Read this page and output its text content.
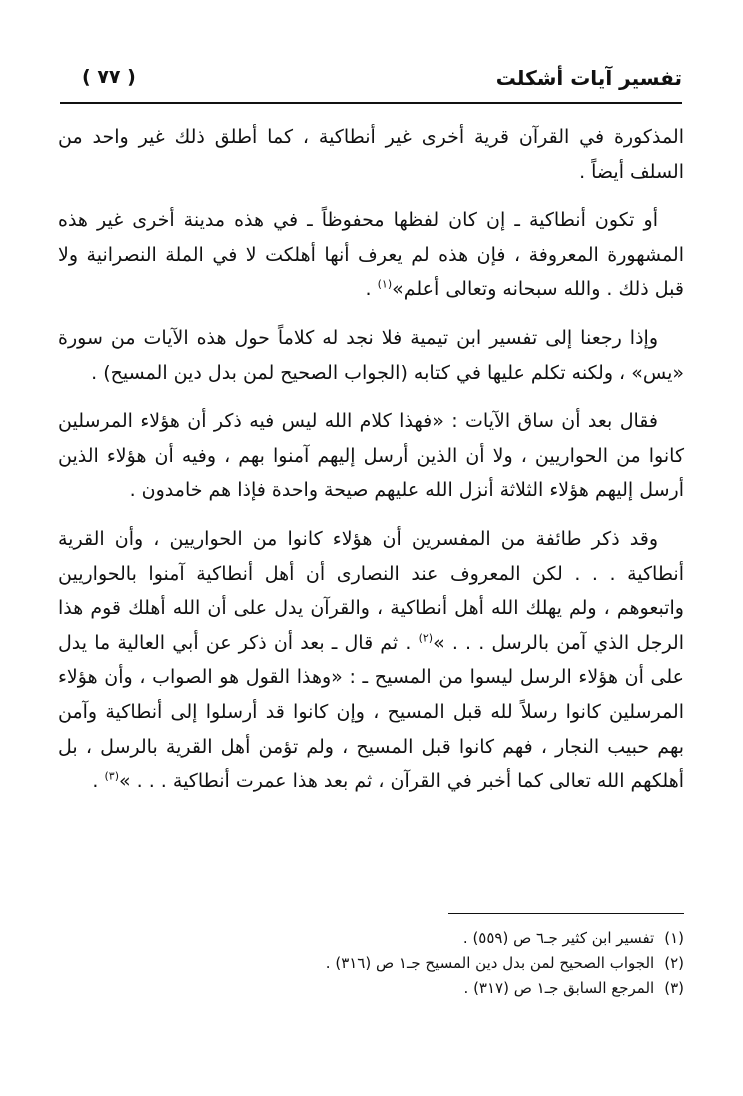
تفسير آيات أشكلت
( ٧٧ )

المذكورة في القرآن قرية أخرى غير أنطاكية ، كما أطلق ذلك غير واحد من السلف أيضاً .

أو تكون أنطاكية ـ إن كان لفظها محفوظاً ـ في هذه مدينة أخرى غير هذه المشهورة المعروفة ، فإن هذه لم يعرف أنها أهلكت لا في الملة النصرانية ولا قبل ذلك . والله سبحانه وتعالى أعلم»$^{(١)}$ .

وإذا رجعنا إلى تفسير ابن تيمية فلا نجد له كلاماً حول هذه الآيات من سورة «يس» ، ولكنه تكلم عليها في كتابه (الجواب الصحيح لمن بدل دين المسيح) .

فقال بعد أن ساق الآيات : «فهذا كلام الله ليس فيه ذكر أن هؤلاء المرسلين كانوا من الحواريين ، ولا أن الذين أرسل إليهم آمنوا بهم ، وفيه أن هؤلاء الذين أرسل إليهم هؤلاء الثلاثة أنزل الله عليهم صيحة واحدة فإذا هم خامدون .

وقد ذكر طائفة من المفسرين أن هؤلاء كانوا من الحواريين ، وأن القرية أنطاكية . . . لكن المعروف عند النصارى أن أهل أنطاكية آمنوا بالحواريين واتبعوهم ، ولم يهلك الله أهل أنطاكية ، والقرآن يدل على أن الله أهلك قوم هذا الرجل الذي آمن بالرسل . . . »$^{(٢)}$ . ثم قال ـ بعد أن ذكر عن أبي العالية ما يدل على أن هؤلاء الرسل ليسوا من المسيح ـ : «وهذا القول هو الصواب ، وأن هؤلاء المرسلين كانوا رسلاً لله قبل المسيح ، وإن كانوا قد أرسلوا إلى أنطاكية وآمن بهم حبيب النجار ، فهم كانوا قبل المسيح ، ولم تؤمن أهل القرية بالرسل ، بل أهلكهم الله تعالى كما أخبر في القرآن ، ثم بعد هذا عمرت أنطاكية . . . »$^{(٣)}$ .

(١)تفسير ابن كثير جـ٦ ص (٥٥٩) .
(٢)الجواب الصحيح لمن بدل دين المسيح جـ١ ص (٣١٦) .
(٣)المرجع السابق جـ١ ص (٣١٧) .
